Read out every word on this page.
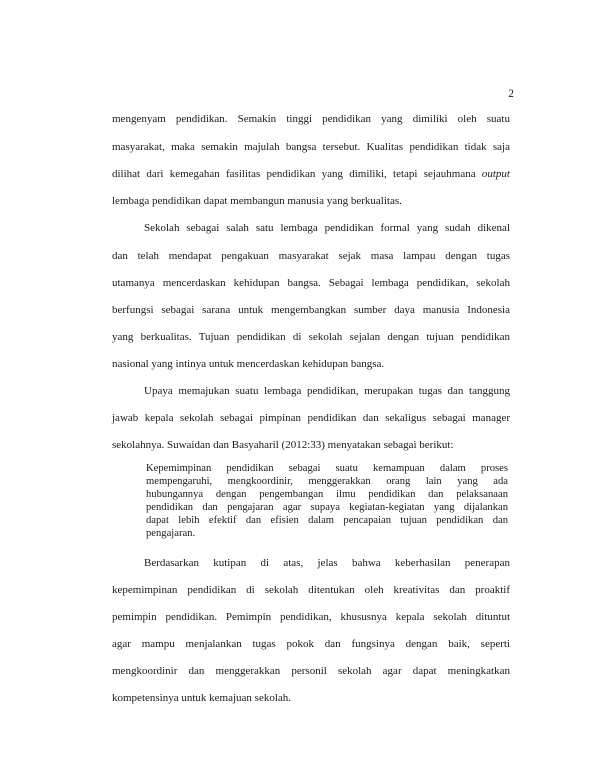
2
mengenyam pendidikan. Semakin tinggi pendidikan yang dimiliki oleh suatu
masyarakat, maka semakin majulah bangsa tersebut. Kualitas pendidikan tidak saja
dilihat dari kemegahan fasilitas pendidikan yang dimiliki, tetapi sejauhmana output
lembaga pendidikan dapat membangun manusia yang berkualitas.
Sekolah sebagai salah satu lembaga pendidikan formal yang sudah dikenal
dan telah mendapat pengakuan masyarakat sejak masa lampau dengan tugas
utamanya mencerdaskan kehidupan bangsa. Sebagai lembaga pendidikan, sekolah
berfungsi sebagai sarana untuk mengembangkan sumber daya manusia Indonesia
yang berkualitas. Tujuan pendidikan di sekolah sejalan dengan tujuan pendidikan
nasional yang intinya untuk mencerdaskan kehidupan bangsa.
Upaya memajukan suatu lembaga pendidikan, merupakan tugas dan tanggung
jawab kepala sekolah sebagai pimpinan pendidikan dan sekaligus sebagai manager
sekolahnya. Suwaidan dan Basyaharil (2012:33) menyatakan sebagai berikut:
Kepemimpinan pendidikan sebagai suatu kemampuan dalam proses
mempengaruhi, mengkoordinir, menggerakkan orang lain yang ada
hubungannya dengan pengembangan ilmu pendidikan dan pelaksanaan
pendidikan dan pengajaran agar supaya kegiatan-kegiatan yang dijalankan
dapat lebih efektif dan efisien dalam pencapaian tujuan pendidikan dan
pengajaran.
Berdasarkan kutipan di atas, jelas bahwa keberhasilan penerapan
kepemimpinan pendidikan di sekolah ditentukan oleh kreativitas dan proaktif
pemimpin pendidikan. Pemimpin pendidikan, khususnya kepala sekolah dituntut
agar mampu menjalankan tugas pokok dan fungsinya dengan baik, seperti
mengkoordinir dan menggerakkan personil sekolah agar dapat meningkatkan
kompetensinya untuk kemajuan sekolah.
